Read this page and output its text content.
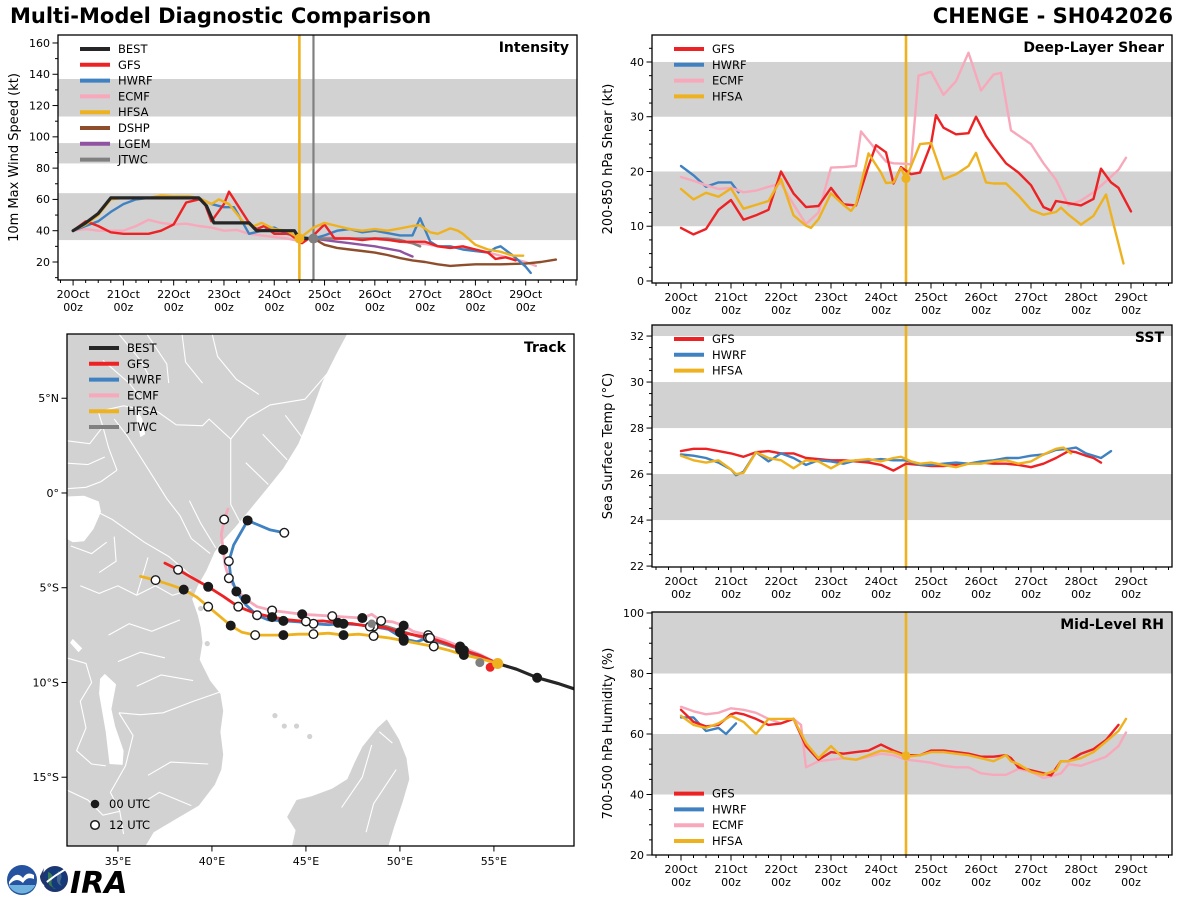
Multi-Model Diagnostic Comparison	CHENGE - SH042026
20Oct
00z
21Oct
00z
22Oct
00z
23Oct
00z
24Oct
00z
25Oct
00z
26Oct
00z
27Oct
00z
28Oct
00z
29Oct
00z
20
40
60
80
100
120
140
160
10m Max Wind Speed (kt)
Intensity
BEST
GFS
HWRF
ECMF
HFSA
DSHP
LGEM
JTWC
20Oct
00z
21Oct
00z
22Oct
00z
23Oct
00z
24Oct
00z
25Oct
00z
26Oct
00z
27Oct
00z
28Oct
00z
29Oct
00z
0
10
20
30
40
200-850 hPa Shear (kt)
Deep-Layer Shear
GFS
HWRF
ECMF
HFSA
20Oct
00z
21Oct
00z
22Oct
00z
23Oct
00z
24Oct
00z
25Oct
00z
26Oct
00z
27Oct
00z
28Oct
00z
29Oct
00z
22
24
26
28
30
32
Sea Surface Temp (°C)
SST
GFS
HWRF
HFSA
20Oct
00z
21Oct
00z
22Oct
00z
23Oct
00z
24Oct
00z
25Oct
00z
26Oct
00z
27Oct
00z
28Oct
00z
29Oct
00z
20
40
60
80
100
700-500 hPa Humidity (%)
Mid-Level RH
GFS
HWRF
ECMF
HFSA
35°E	40°E	45°E	50°E	55°E
5°N
0°
5°S
10°S
15°S
Track
BEST
GFS
HWRF
ECMF
HFSA
JTWC
00 UTC
12 UTC
IRA
